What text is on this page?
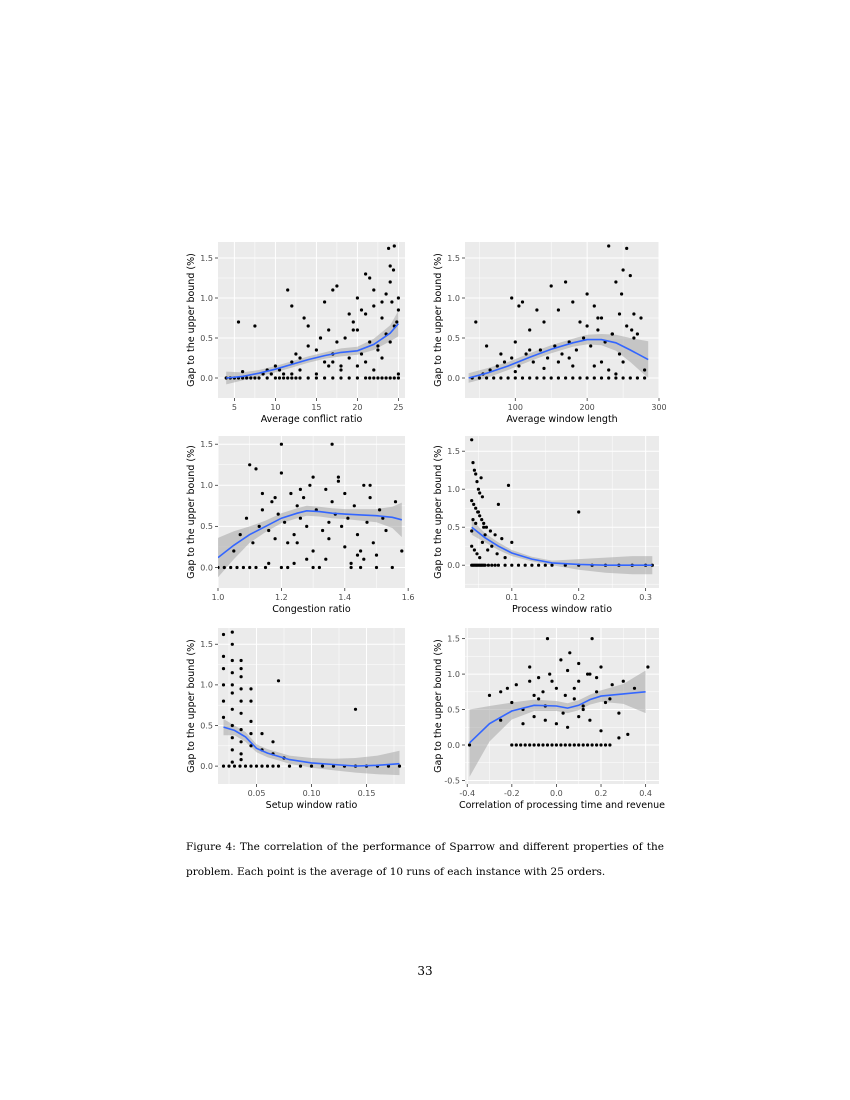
0.0
0.5
1.0
1.5
5	10	15	20	25
Average conflict ratio
Gap to the upper bound (%)	0.0
0.5
1.0
1.5
100	200	300
Average window length
Gap to the upper bound (%)
0.0
0.5
1.0
1.5
1.0	1.2	1.4	1.6
Congestion ratio
Gap to the upper bound (%)	0.0
0.5
1.0
1.5
0.1	0.2	0.3
Process window ratio
Gap to the upper bound (%)
0.0
0.5
1.0
1.5
0.05	0.10	0.15
Setup window ratio
Gap to the upper bound (%)
-0.5
0.0
0.5
1.0
1.5
-0.4	-0.2	0.0	0.2	0.4
Correlation of processing time and revenue
Gap to the upper bound (%)
Figure 4: The correlation of the performance of Sparrow and different properties of the problem. Each point is the average of 10 runs of each instance with 25 orders.
33
